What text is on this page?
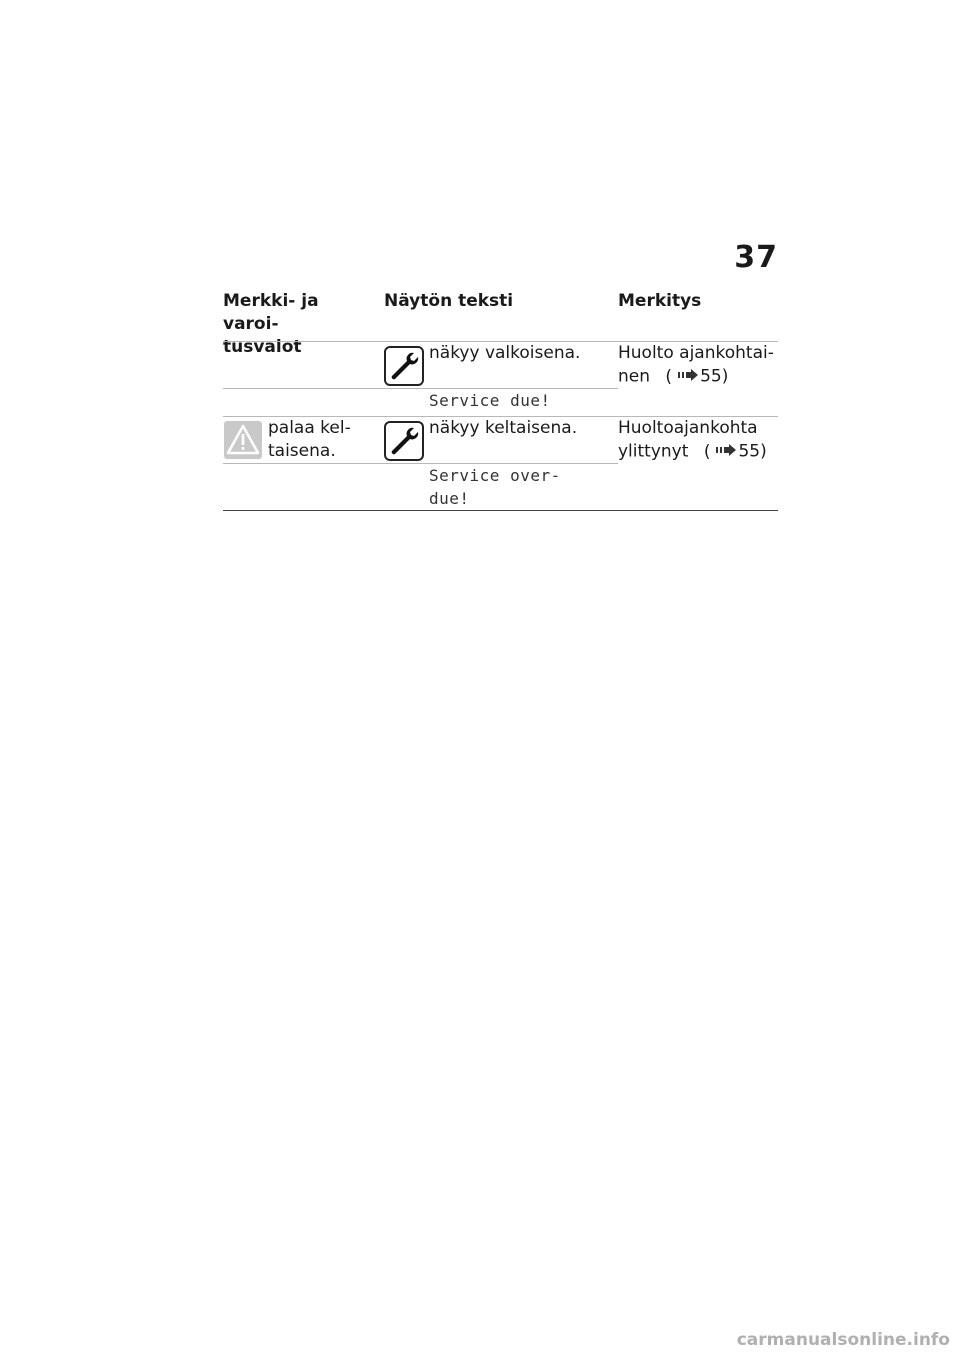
37
Merkki- ja varoi-
tusvalot
Näytön teksti	Merkitys
näkyy valkoisena. Huolto ajankohtai-
nen ( 55)
Service due!
palaa kel-
taisena.
näkyy keltaisena. Huoltoajankohta
ylittynyt ( 55)
Service over-
due!
carmanualsonline.info
